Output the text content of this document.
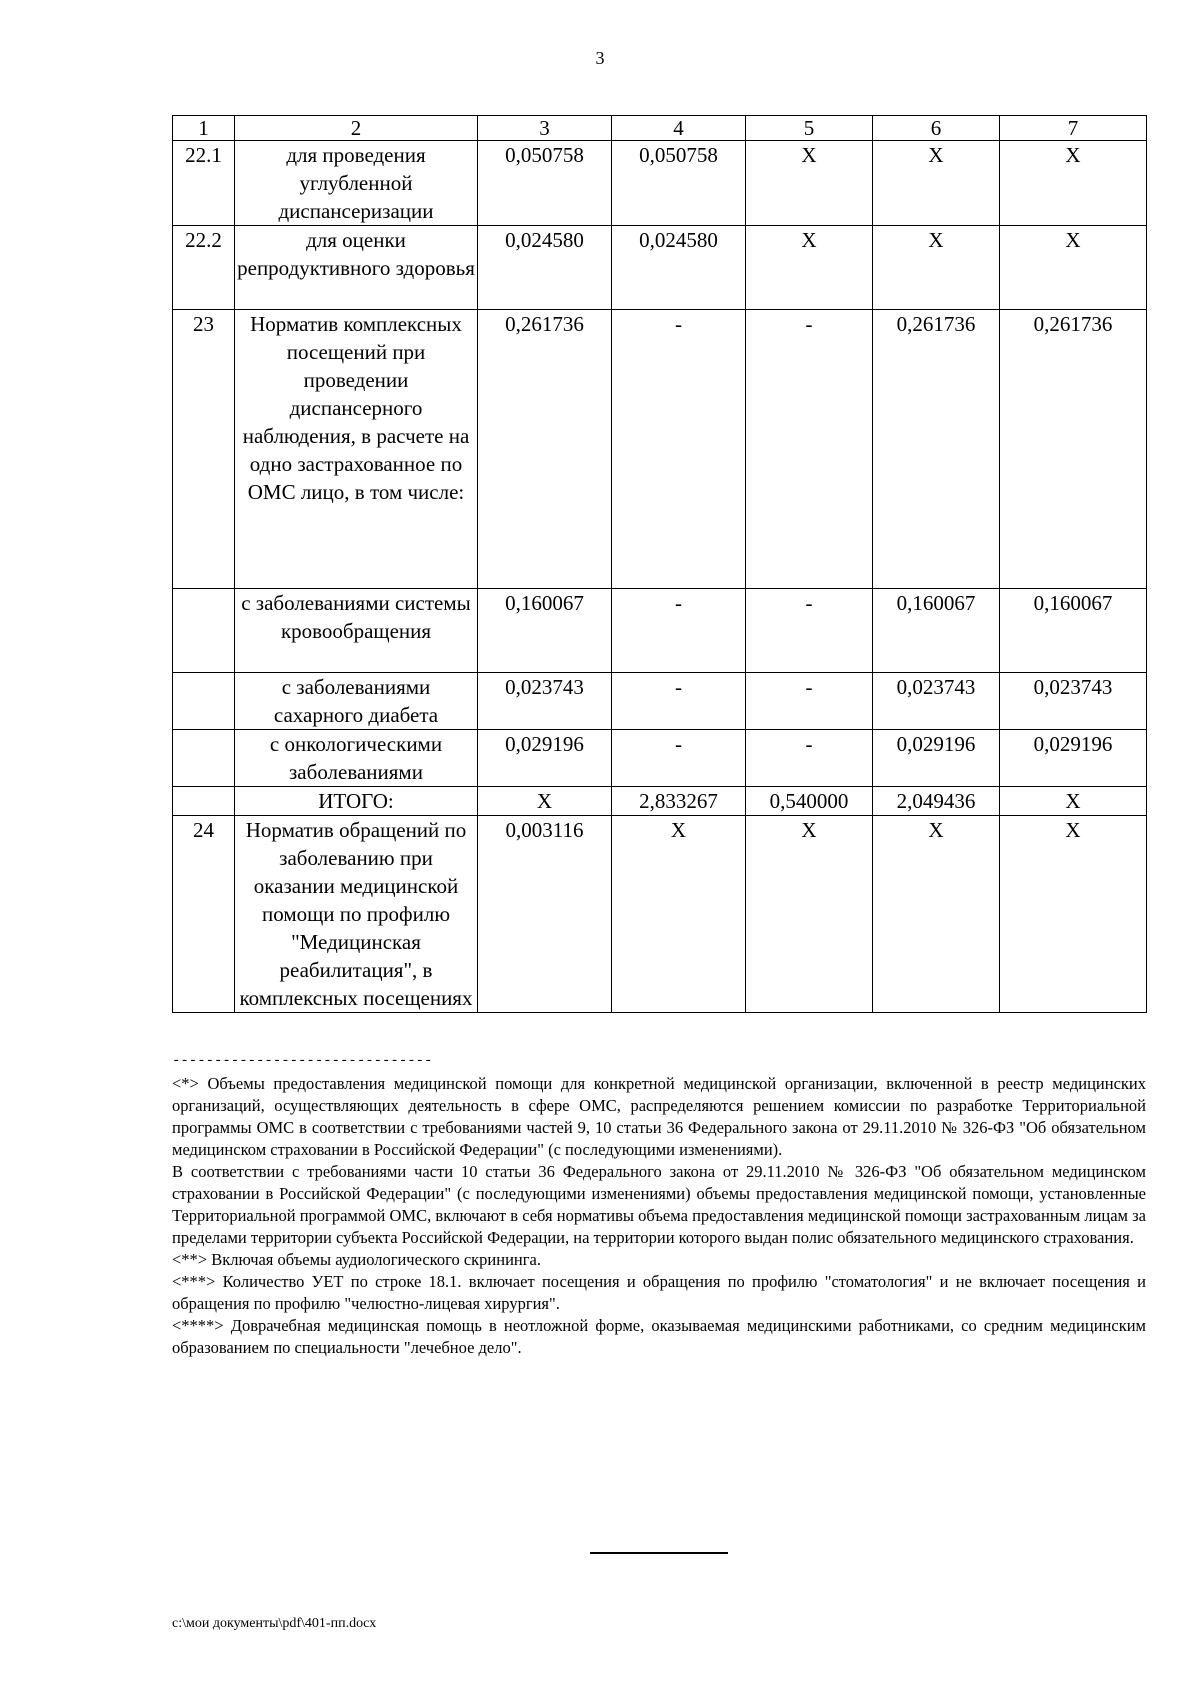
3
1	2	3	4	5	6	7
22.1	для проведения углубленной диспансеризации	0,050758	0,050758	Х	Х	Х
22.2	для оценки репродуктивного здоровья	0,024580	0,024580	Х	Х	Х
23	Норматив комплексных посещений при проведении диспансерного наблюдения, в расчете на одно застрахованное по ОМС лицо, в том числе:	0,261736	-	-	0,261736	0,261736
	с заболеваниями системы кровообращения	0,160067	-	-	0,160067	0,160067
	с заболеваниями сахарного диабета	0,023743	-	-	0,023743	0,023743
	с онкологическими заболеваниями	0,029196	-	-	0,029196	0,029196
	ИТОГО:	Х	2,833267	0,540000	2,049436	Х
24	Норматив обращений по заболеванию при оказании медицинской помощи по профилю "Медицинская реабилитация", в комплексных посещениях	0,003116	Х	Х	Х	Х
-------------------------------

<*> Объемы предоставления медицинской помощи для конкретной медицинской организации, включенной в реестр медицинских организаций, осуществляющих деятельность в сфере ОМС, распределяются решением комиссии по разработке Территориальной программы ОМС в соответствии с требованиями частей 9, 10 статьи 36 Федерального закона от 29.11.2010 № 326-ФЗ "Об обязательном медицинском страховании в Российской Федерации" (с последующими изменениями).

В соответствии с требованиями части 10 статьи 36 Федерального закона от 29.11.2010 № 326-ФЗ "Об обязательном медицинском страховании в Российской Федерации" (с последующими изменениями) объемы предоставления медицинской помощи, установленные Территориальной программой ОМС, включают в себя нормативы объема предоставления медицинской помощи застрахованным лицам за пределами территории субъекта Российской Федерации, на территории которого выдан полис обязательного медицинского страхования.

<**> Включая объемы аудиологического скрининга.

<***> Количество УЕТ по строке 18.1. включает посещения и обращения по профилю "стоматология" и не включает посещения и обращения по профилю "челюстно-лицевая хирургия".

<****> Доврачебная медицинская помощь в неотложной форме, оказываемая медицинскими работниками, со средним медицинским образованием по специальности "лечебное дело".

c:\мои документы\pdf\401-пп.docx
